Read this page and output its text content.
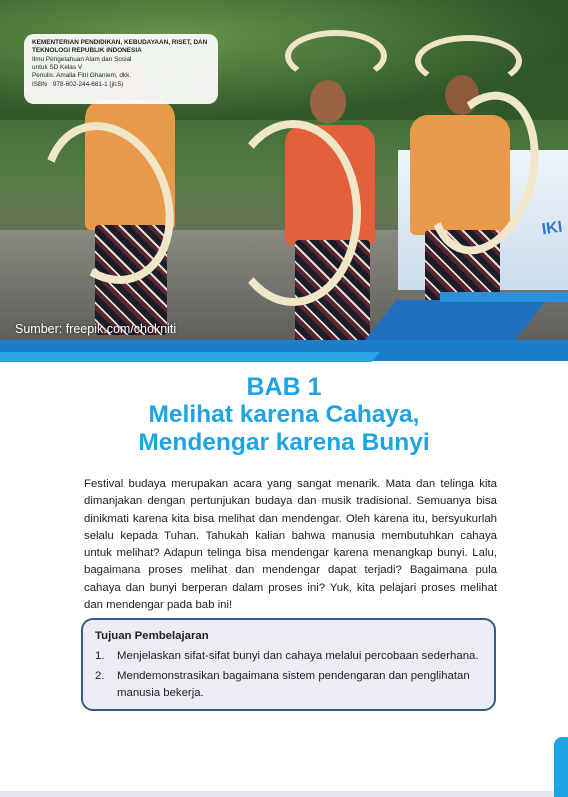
IKI
KEMENTERIAN PENDIDIKAN, KEBUDAYAAN, RISET, DAN TEKNOLOGI REPUBLIK INDONESIA
Ilmu Pengetahuan Alam dan Sosial
untuk SD Kelas V
Penulis: Amalia Fitri Ghaniem, dkk.
ISBN 978-602-244-681-1 (jil.5)
Sumber: freepik.com/chokniti
BAB 1
Melihat karena Cahaya,
Mendengar karena Bunyi
Festival budaya merupakan acara yang sangat menarik. Mata dan telinga kita dimanjakan dengan pertunjukan budaya dan musik tradisional. Semuanya bisa dinikmati karena kita bisa melihat dan mendengar. Oleh karena itu, bersyukurlah selalu kepada Tuhan. Tahukah kalian bahwa manusia membutuhkan cahaya untuk melihat? Adapun telinga bisa mendengar karena menangkap bunyi. Lalu, bagaimana proses melihat dan mendengar dapat terjadi? Bagaimana pula cahaya dan bunyi berperan dalam proses ini? Yuk, kita pelajari proses melihat dan mendengar pada bab ini!
Tujuan Pembelajaran
1.	Menjelaskan sifat-sifat bunyi dan cahaya melalui percobaan sederhana.
2.	Mendemonstrasikan bagaimana sistem pendengaran dan penglihatan manusia bekerja.
